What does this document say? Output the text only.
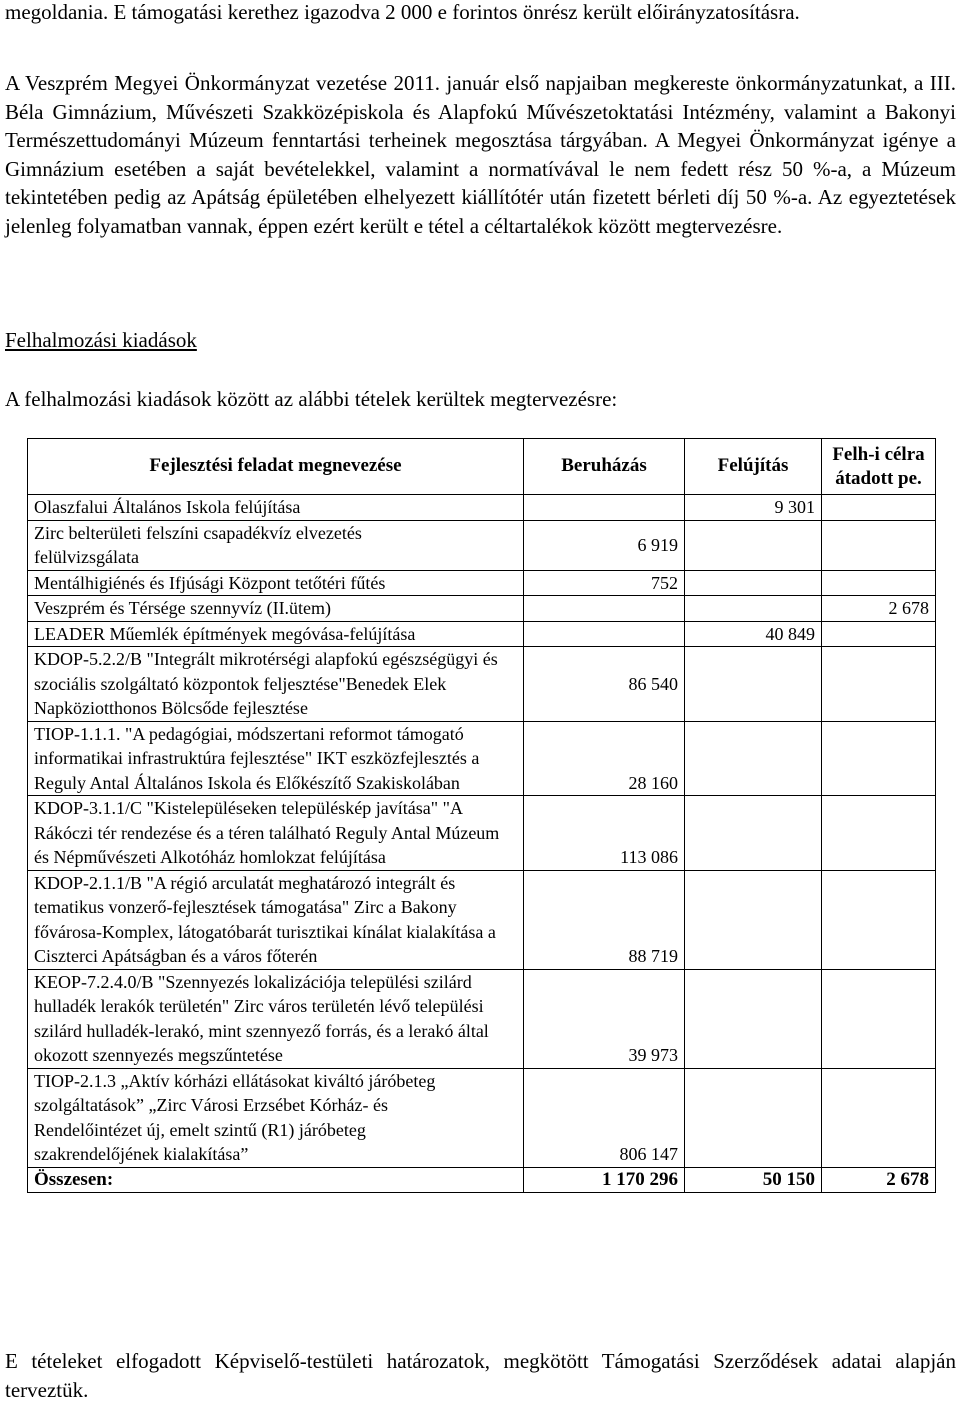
megoldania. E támogatási kerethez igazodva 2 000 e forintos önrész került előirányzatosításra.

A Veszprém Megyei Önkormányzat vezetése 2011. január első napjaiban megkereste önkormányzatunkat, a III. Béla Gimnázium, Művészeti Szakközépiskola és Alapfokú Művészetoktatási Intézmény, valamint a Bakonyi Természettudományi Múzeum fenntartási terheinek megosztása tárgyában. A Megyei Önkormányzat igénye a Gimnázium esetében a saját bevételekkel, valamint a normatívával le nem fedett rész 50 %-a, a Múzeum tekintetében pedig az Apátság épületében elhelyezett kiállítótér után fizetett bérleti díj 50 %-a. Az egyeztetések jelenleg folyamatban vannak, éppen ezért került e tétel a céltartalékok között megtervezésre.

Felhalmozási kiadások

A felhalmozási kiadások között az alábbi tételek kerültek megtervezésre:

Fejlesztési feladat megnevezése	Beruházás	Felújítás	Felh-i célra átadott pe.
Olaszfalui Általános Iskola felújítása		9 301	
Zirc belterületi felszíni csapadékvíz elvezetés felülvizsgálata	6 919		
Mentálhigiénés és Ifjúsági Központ tetőtéri fűtés	752		
Veszprém és Térsége szennyvíz (II.ütem)			2 678
LEADER Műemlék építmények megóvása-felújítása		40 849	
KDOP-5.2.2/B "Integrált mikrotérségi alapfokú egészségügyi és szociális szolgáltató központok feljesztése"Benedek Elek Napköziotthonos Bölcsőde fejlesztése	86 540		
TIOP-1.1.1. "A pedagógiai, módszertani reformot támogató informatikai infrastruktúra fejlesztése" IKT eszközfejlesztés a Reguly Antal Általános Iskola és Előkészítő Szakiskolában	28 160		
KDOP-3.1.1/C "Kistelepüléseken településkép javítása" "A Rákóczi tér rendezése és a téren található Reguly Antal Múzeum és Népművészeti Alkotóház homlokzat felújítása	113 086		
KDOP-2.1.1/B "A régió arculatát meghatározó integrált és tematikus vonzerő-fejlesztések támogatása" Zirc a Bakony fővárosa-Komplex, látogatóbarát turisztikai kínálat kialakítása a Ciszterci Apátságban és a város főterén	88 719		
KEOP-7.2.4.0/B "Szennyezés lokalizációja települési szilárd hulladék lerakók területén" Zirc város területén lévő települési szilárd hulladék-lerakó, mint szennyező forrás, és a lerakó által okozott szennyezés megszűntetése	39 973		
TIOP-2.1.3 „Aktív kórházi ellátásokat kiváltó járóbeteg szolgáltatások” „Zirc Városi Erzsébet Kórház- és Rendelőintézet új, emelt szintű (R1) járóbeteg szakrendelőjének kialakítása”	806 147		
Összesen:	1 170 296	50 150	2 678

E tételeket elfogadott Képviselő-testületi határozatok, megkötött Támogatási Szerződések adatai alapján terveztük.
